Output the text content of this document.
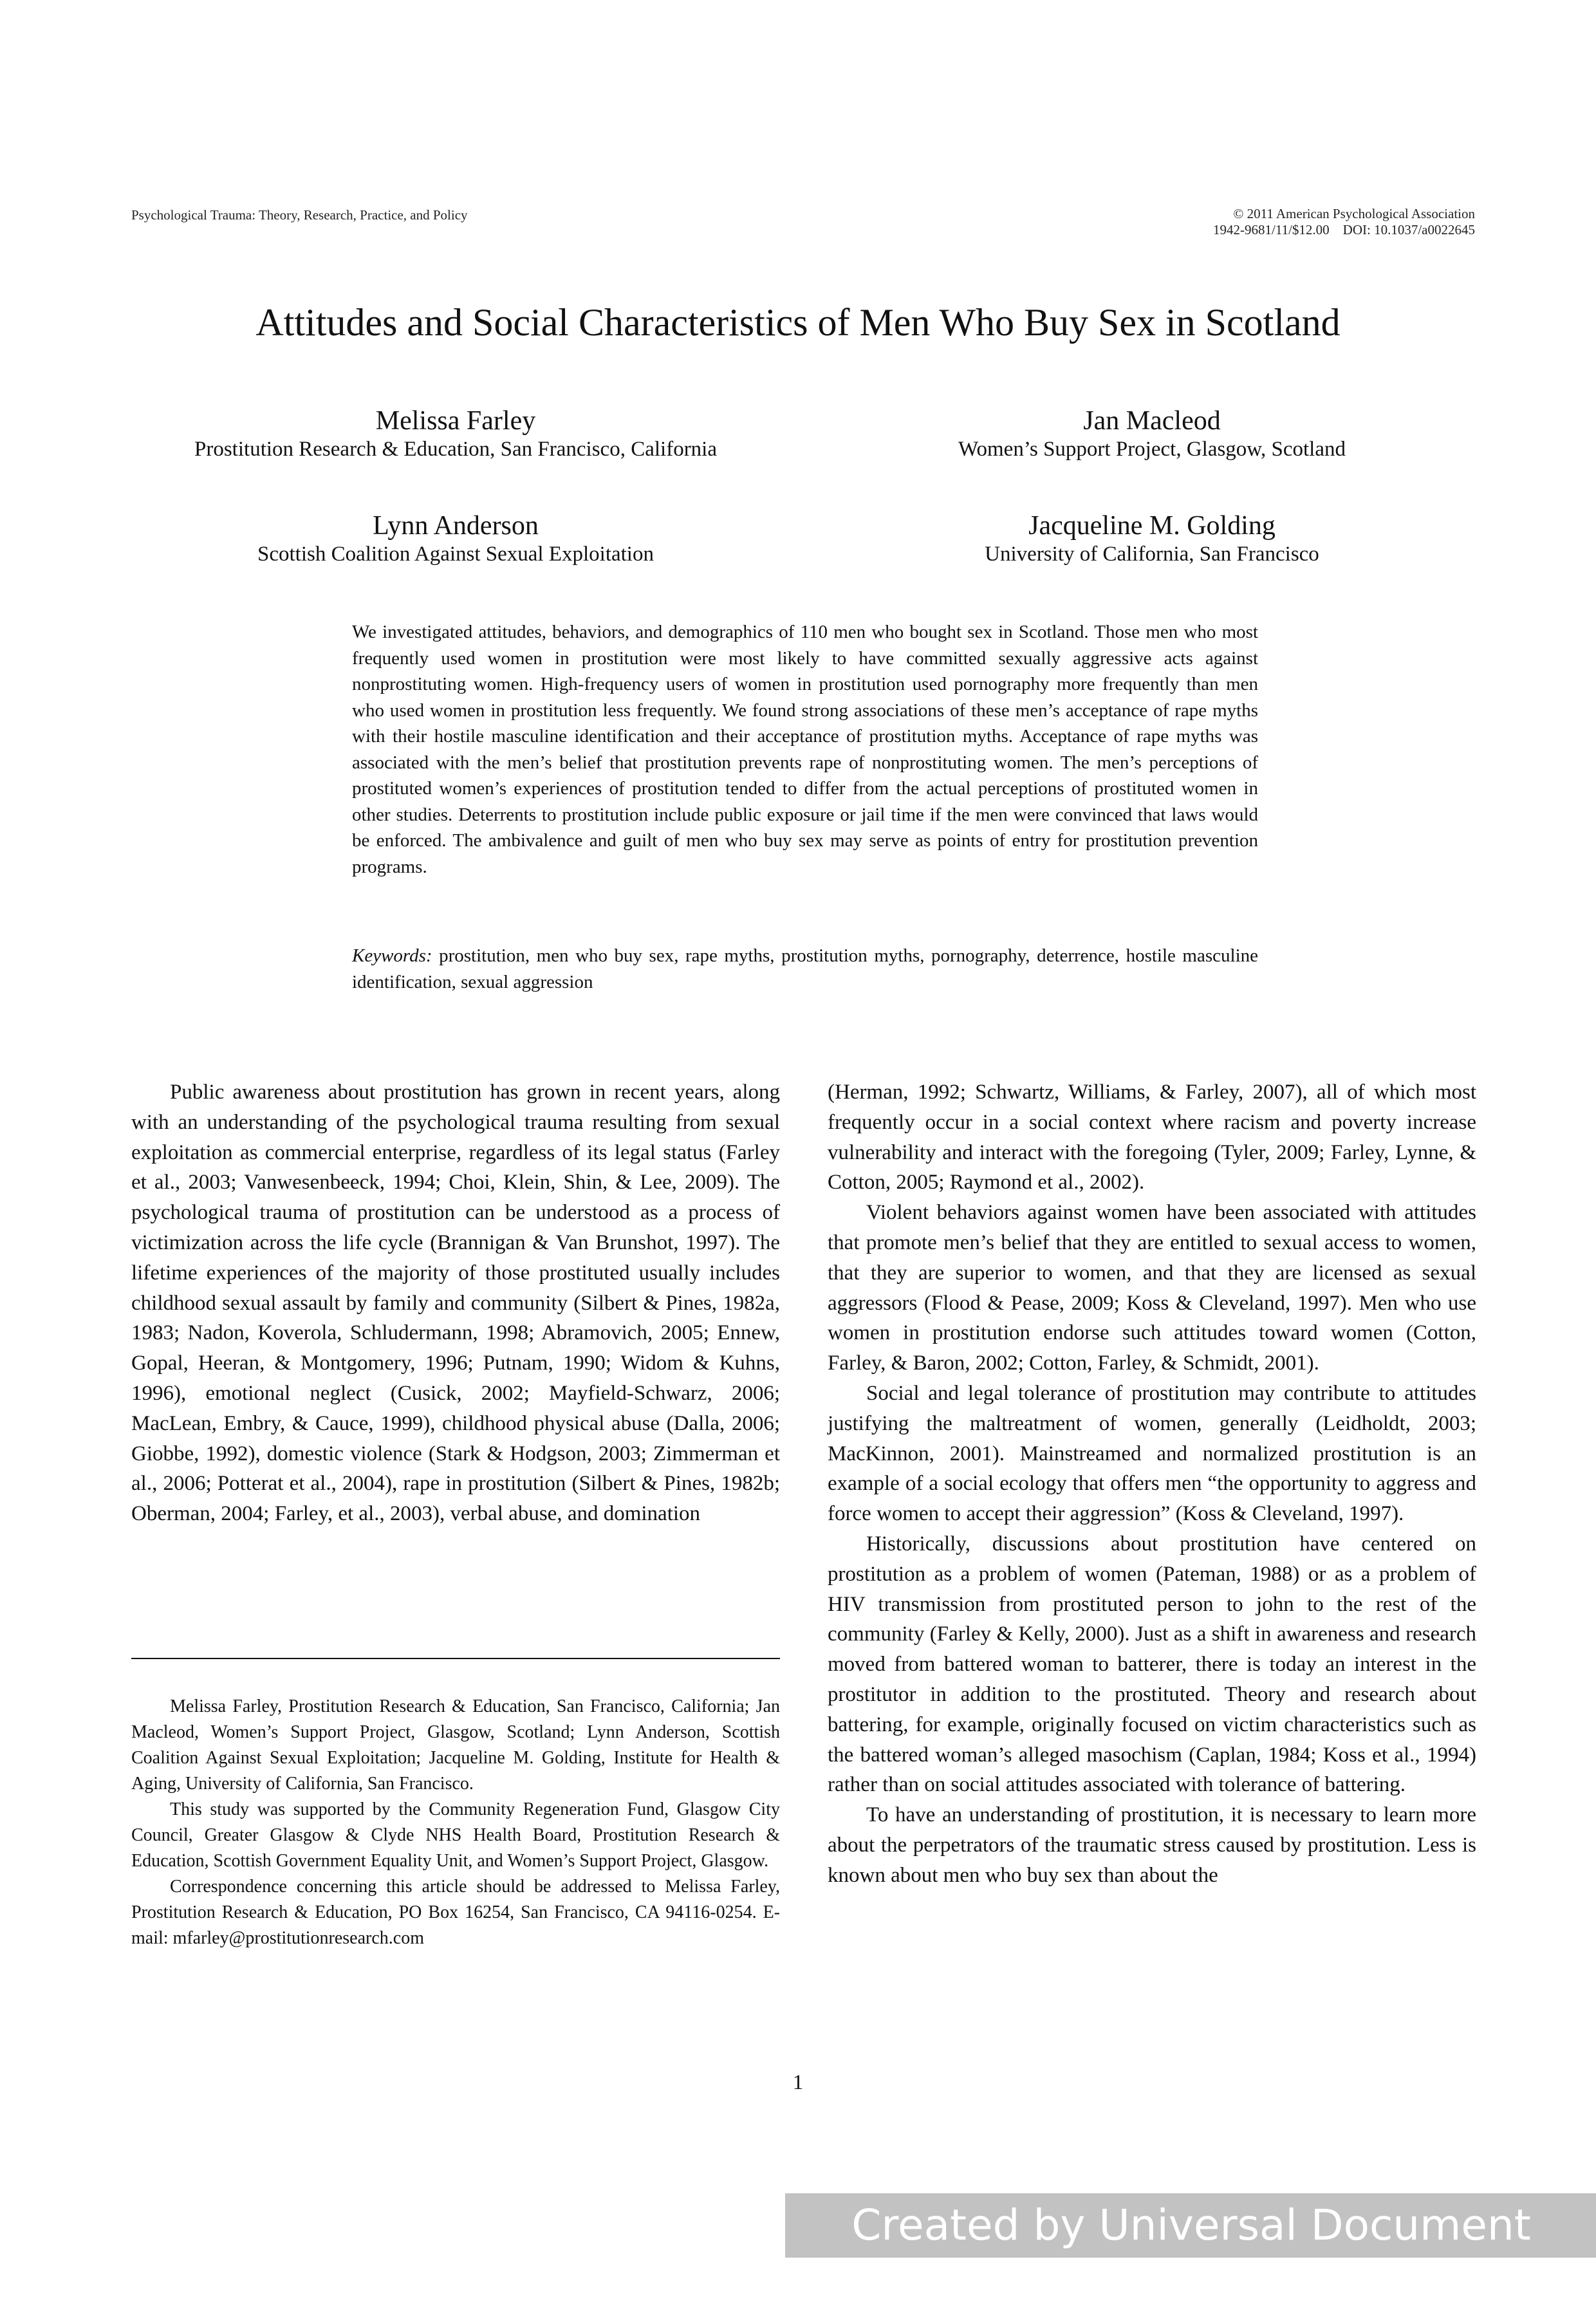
Psychological Trauma: Theory, Research, Practice, and Policy	© 2011 American Psychological Association
1942-9681/11/$12.00    DOI: 10.1037/a0022645
Attitudes and Social Characteristics of Men Who Buy Sex in Scotland
Melissa Farley
Prostitution Research & Education, San Francisco, California
Jan Macleod
Women’s Support Project, Glasgow, Scotland
Lynn Anderson
Scottish Coalition Against Sexual Exploitation
Jacqueline M. Golding
University of California, San Francisco
We investigated attitudes, behaviors, and demographics of 110 men who bought sex in Scotland. Those men who most frequently used women in prostitution were most likely to have committed sexually aggressive acts against nonprostituting women. High-frequency users of women in prostitution used pornography more frequently than men who used women in prostitution less frequently. We found strong associations of these men’s acceptance of rape myths with their hostile masculine identification and their acceptance of prostitution myths. Acceptance of rape myths was associated with the men’s belief that prostitution prevents rape of nonprostituting women. The men’s perceptions of prostituted women’s experiences of prostitution tended to differ from the actual perceptions of prostituted women in other studies. Deterrents to prostitution include public exposure or jail time if the men were convinced that laws would be enforced. The ambivalence and guilt of men who buy sex may serve as points of entry for prostitution prevention programs.
Keywords: prostitution, men who buy sex, rape myths, prostitution myths, pornography, deterrence, hostile masculine identification, sexual aggression

Public awareness about prostitution has grown in recent years, along with an understanding of the psychological trauma resulting from sexual exploitation as commercial enterprise, regardless of its legal status (Farley et al., 2003; Vanwesenbeeck, 1994; Choi, Klein, Shin, & Lee, 2009). The psychological trauma of prostitution can be understood as a process of victimization across the life cycle (Brannigan & Van Brunshot, 1997). The lifetime experiences of the majority of those prostituted usually includes childhood sexual assault by family and community (Silbert & Pines, 1982a, 1983; Nadon, Koverola, Schludermann, 1998; Abramovich, 2005; Ennew, Gopal, Heeran, & Montgomery, 1996; Putnam, 1990; Widom & Kuhns, 1996), emotional neglect (Cusick, 2002; Mayfield-Schwarz, 2006; MacLean, Embry, & Cauce, 1999), childhood physical abuse (Dalla, 2006; Giobbe, 1992), domestic violence (Stark & Hodgson, 2003; Zimmerman et al., 2006; Potterat et al., 2004), rape in prostitution (Silbert & Pines, 1982b; Oberman, 2004; Farley, et al., 2003), verbal abuse, and domination

Melissa Farley, Prostitution Research & Education, San Francisco, California; Jan Macleod, Women’s Support Project, Glasgow, Scotland; Lynn Anderson, Scottish Coalition Against Sexual Exploitation; Jacqueline M. Golding, Institute for Health & Aging, University of California, San Francisco.

This study was supported by the Community Regeneration Fund, Glasgow City Council, Greater Glasgow & Clyde NHS Health Board, Prostitution Research & Education, Scottish Government Equality Unit, and Women’s Support Project, Glasgow.

Correspondence concerning this article should be addressed to Melissa Farley, Prostitution Research & Education, PO Box 16254, San Francisco, CA 94116-0254. E-mail: mfarley@prostitutionresearch.com

(Herman, 1992; Schwartz, Williams, & Farley, 2007), all of which most frequently occur in a social context where racism and poverty increase vulnerability and interact with the foregoing (Tyler, 2009; Farley, Lynne, & Cotton, 2005; Raymond et al., 2002).

Violent behaviors against women have been associated with attitudes that promote men’s belief that they are entitled to sexual access to women, that they are superior to women, and that they are licensed as sexual aggressors (Flood & Pease, 2009; Koss & Cleveland, 1997). Men who use women in prostitution endorse such attitudes toward women (Cotton, Farley, & Baron, 2002; Cotton, Farley, & Schmidt, 2001).

Social and legal tolerance of prostitution may contribute to attitudes justifying the maltreatment of women, generally (Leidholdt, 2003; MacKinnon, 2001). Mainstreamed and normalized prostitution is an example of a social ecology that offers men “the opportunity to aggress and force women to accept their aggression” (Koss & Cleveland, 1997).

Historically, discussions about prostitution have centered on prostitution as a problem of women (Pateman, 1988) or as a problem of HIV transmission from prostituted person to john to the rest of the community (Farley & Kelly, 2000). Just as a shift in awareness and research moved from battered woman to batterer, there is today an interest in the prostitutor in addition to the prostituted. Theory and research about battering, for example, originally focused on victim characteristics such as the battered woman’s alleged masochism (Caplan, 1984; Koss et al., 1994) rather than on social attitudes associated with tolerance of battering.

To have an understanding of prostitution, it is necessary to learn more about the perpetrators of the traumatic stress caused by prostitution. Less is known about men who buy sex than about the

1
Created by Universal Document Converter
